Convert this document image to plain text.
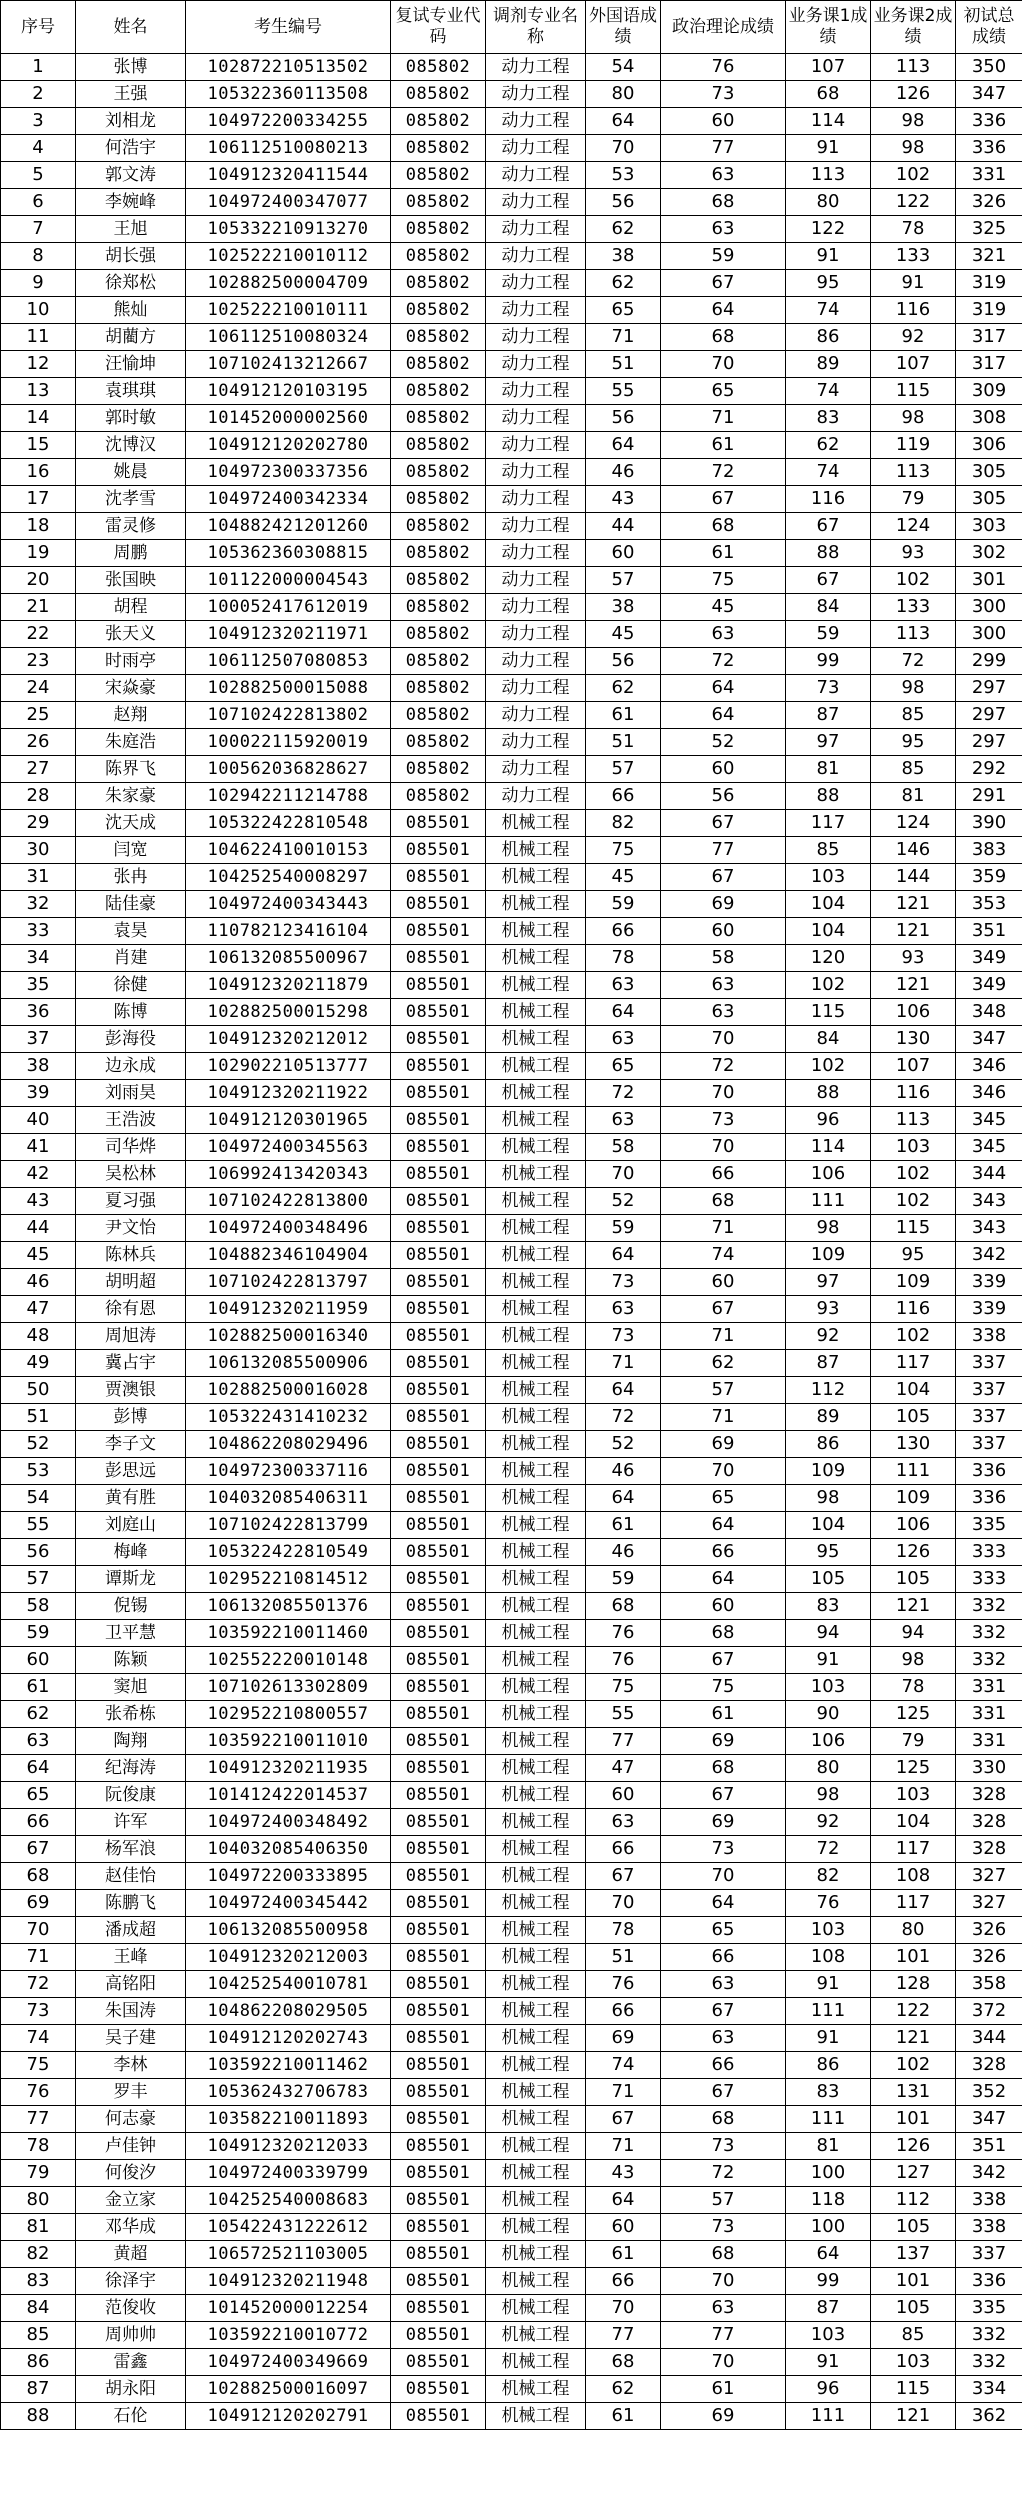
序号	姓名	考生编号	复试专业代码	调剂专业名称	外国语成绩	政治理论成绩	业务课1成绩	业务课2成绩	初试总成绩
1	张博	102872210513502	085802	动力工程	54	76	107	113	350
2	王强	105322360113508	085802	动力工程	80	73	68	126	347
3	刘相龙	104972200334255	085802	动力工程	64	60	114	98	336
4	何浩宇	106112510080213	085802	动力工程	70	77	91	98	336
5	郭文涛	104912320411544	085802	动力工程	53	63	113	102	331
6	李婉峰	104972400347077	085802	动力工程	56	68	80	122	326
7	王旭	105332210913270	085802	动力工程	62	63	122	78	325
8	胡长强	102522210010112	085802	动力工程	38	59	91	133	321
9	徐郑松	102882500004709	085802	动力工程	62	67	95	91	319
10	熊灿	102522210010111	085802	动力工程	65	64	74	116	319
11	胡藺方	106112510080324	085802	动力工程	71	68	86	92	317
12	汪愉坤	107102413212667	085802	动力工程	51	70	89	107	317
13	袁琪琪	104912120103195	085802	动力工程	55	65	74	115	309
14	郭时敏	101452000002560	085802	动力工程	56	71	83	98	308
15	沈博汉	104912120202780	085802	动力工程	64	61	62	119	306
16	姚晨	104972300337356	085802	动力工程	46	72	74	113	305
17	沈孝雪	104972400342334	085802	动力工程	43	67	116	79	305
18	雷灵修	104882421201260	085802	动力工程	44	68	67	124	303
19	周鹏	105362360308815	085802	动力工程	60	61	88	93	302
20	张国映	101122000004543	085802	动力工程	57	75	67	102	301
21	胡程	100052417612019	085802	动力工程	38	45	84	133	300
22	张天义	104912320211971	085802	动力工程	45	63	59	113	300
23	时雨亭	106112507080853	085802	动力工程	56	72	99	72	299
24	宋焱豪	102882500015088	085802	动力工程	62	64	73	98	297
25	赵翔	107102422813802	085802	动力工程	61	64	87	85	297
26	朱庭浩	100022115920019	085802	动力工程	51	52	97	95	297
27	陈界飞	100562036828627	085802	动力工程	57	60	81	85	292
28	朱家豪	102942211214788	085802	动力工程	66	56	88	81	291
29	沈天成	105322422810548	085501	机械工程	82	67	117	124	390
30	闫宽	104622410010153	085501	机械工程	75	77	85	146	383
31	张冉	104252540008297	085501	机械工程	45	67	103	144	359
32	陆佳豪	104972400343443	085501	机械工程	59	69	104	121	353
33	袁昊	110782123416104	085501	机械工程	66	60	104	121	351
34	肖建	106132085500967	085501	机械工程	78	58	120	93	349
35	徐健	104912320211879	085501	机械工程	63	63	102	121	349
36	陈博	102882500015298	085501	机械工程	64	63	115	106	348
37	彭海役	104912320212012	085501	机械工程	63	70	84	130	347
38	边永成	102902210513777	085501	机械工程	65	72	102	107	346
39	刘雨昊	104912320211922	085501	机械工程	72	70	88	116	346
40	王浩波	104912120301965	085501	机械工程	63	73	96	113	345
41	司华烨	104972400345563	085501	机械工程	58	70	114	103	345
42	吴松林	106992413420343	085501	机械工程	70	66	106	102	344
43	夏习强	107102422813800	085501	机械工程	52	68	111	102	343
44	尹文怡	104972400348496	085501	机械工程	59	71	98	115	343
45	陈林兵	104882346104904	085501	机械工程	64	74	109	95	342
46	胡明超	107102422813797	085501	机械工程	73	60	97	109	339
47	徐有恩	104912320211959	085501	机械工程	63	67	93	116	339
48	周旭涛	102882500016340	085501	机械工程	73	71	92	102	338
49	冀占宇	106132085500906	085501	机械工程	71	62	87	117	337
50	贾澳银	102882500016028	085501	机械工程	64	57	112	104	337
51	彭博	105322431410232	085501	机械工程	72	71	89	105	337
52	李子文	104862208029496	085501	机械工程	52	69	86	130	337
53	彭思远	104972300337116	085501	机械工程	46	70	109	111	336
54	黄有胜	104032085406311	085501	机械工程	64	65	98	109	336
55	刘庭山	107102422813799	085501	机械工程	61	64	104	106	335
56	梅峰	105322422810549	085501	机械工程	46	66	95	126	333
57	谭斯龙	102952210814512	085501	机械工程	59	64	105	105	333
58	倪锡	106132085501376	085501	机械工程	68	60	83	121	332
59	卫平慧	103592210011460	085501	机械工程	76	68	94	94	332
60	陈颖	102552220010148	085501	机械工程	76	67	91	98	332
61	窦旭	107102613302809	085501	机械工程	75	75	103	78	331
62	张希栋	102952210800557	085501	机械工程	55	61	90	125	331
63	陶翔	103592210011010	085501	机械工程	77	69	106	79	331
64	纪海涛	104912320211935	085501	机械工程	47	68	80	125	330
65	阮俊康	101412422014537	085501	机械工程	60	67	98	103	328
66	许军	104972400348492	085501	机械工程	63	69	92	104	328
67	杨军浪	104032085406350	085501	机械工程	66	73	72	117	328
68	赵佳怡	104972200333895	085501	机械工程	67	70	82	108	327
69	陈鹏飞	104972400345442	085501	机械工程	70	64	76	117	327
70	潘成超	106132085500958	085501	机械工程	78	65	103	80	326
71	王峰	104912320212003	085501	机械工程	51	66	108	101	326
72	高铭阳	104252540010781	085501	机械工程	76	63	91	128	358
73	朱国涛	104862208029505	085501	机械工程	66	67	111	122	372
74	吴子建	104912120202743	085501	机械工程	69	63	91	121	344
75	李林	103592210011462	085501	机械工程	74	66	86	102	328
76	罗丰	105362432706783	085501	机械工程	71	67	83	131	352
77	何志豪	103582210011893	085501	机械工程	67	68	111	101	347
78	卢佳钟	104912320212033	085501	机械工程	71	73	81	126	351
79	何俊汐	104972400339799	085501	机械工程	43	72	100	127	342
80	金立家	104252540008683	085501	机械工程	64	57	118	112	338
81	邓华成	105422431222612	085501	机械工程	60	73	100	105	338
82	黄超	106572521103005	085501	机械工程	61	68	64	137	337
83	徐泽宇	104912320211948	085501	机械工程	66	70	99	101	336
84	范俊收	101452000012254	085501	机械工程	70	63	87	105	335
85	周帅帅	103592210010772	085501	机械工程	77	77	103	85	332
86	雷鑫	104972400349669	085501	机械工程	68	70	91	103	332
87	胡永阳	102882500016097	085501	机械工程	62	61	96	115	334
88	石伦	104912120202791	085501	机械工程	61	69	111	121	362
